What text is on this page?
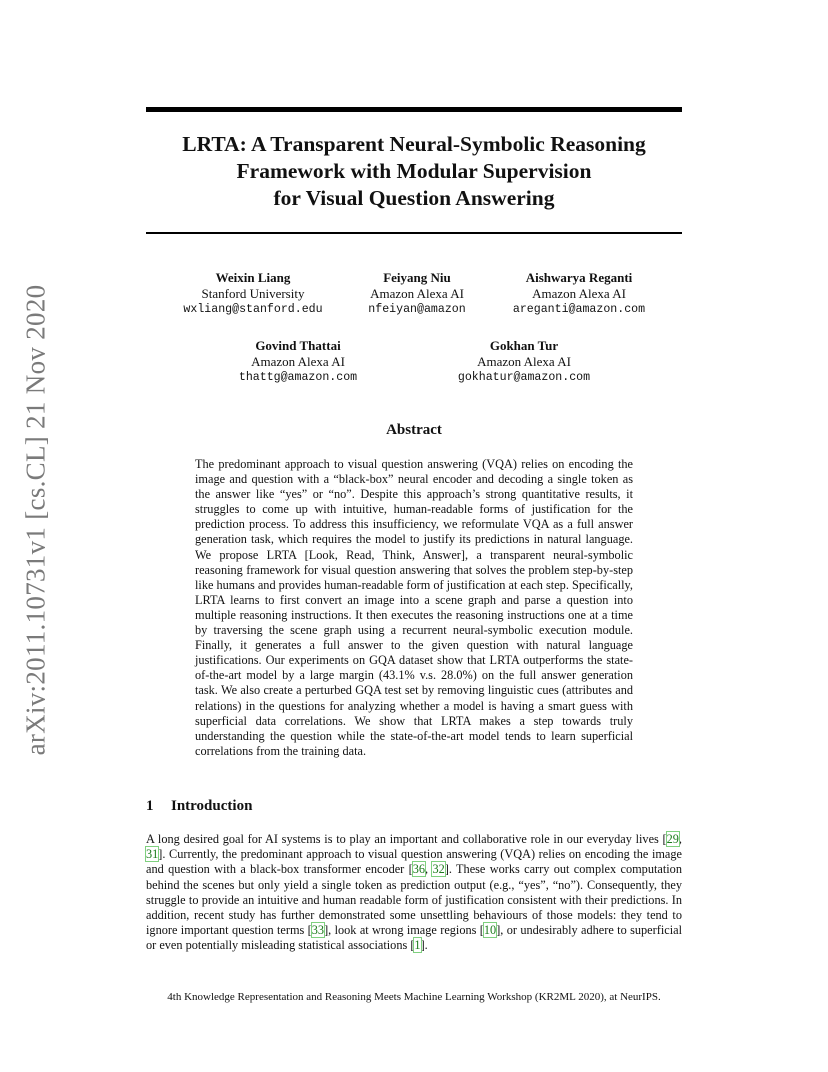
arXiv:2011.10731v1 [cs.CL] 21 Nov 2020
LRTA: A Transparent Neural-Symbolic Reasoning
Framework with Modular Supervision
for Visual Question Answering
Weixin Liang
Stanford University
wxliang@stanford.edu
Feiyang Niu
Amazon Alexa AI
nfeiyan@amazon
Aishwarya Reganti
Amazon Alexa AI
areganti@amazon.com
Govind Thattai
Amazon Alexa AI
thattg@amazon.com
Gokhan Tur
Amazon Alexa AI
gokhatur@amazon.com
Abstract
The predominant approach to visual question answering (VQA) relies on encoding the image and question with a “black-box” neural encoder and decoding a single token as the answer like “yes” or “no”. Despite this approach’s strong quantitative results, it struggles to come up with intuitive, human-readable forms of justification for the prediction process. To address this insufficiency, we reformulate VQA as a full answer generation task, which requires the model to justify its predictions in natural language. We propose LRTA [Look, Read, Think, Answer], a transparent neural-symbolic reasoning framework for visual question answering that solves the problem step-by-step like humans and provides human-readable form of justification at each step. Specifically, LRTA learns to first convert an image into a scene graph and parse a question into multiple reasoning instructions. It then executes the reasoning instructions one at a time by traversing the scene graph using a recurrent neural-symbolic execution module. Finally, it generates a full answer to the given question with natural language justifications. Our experiments on GQA dataset show that LRTA outperforms the state-of-the-art model by a large margin (43.1% v.s. 28.0%) on the full answer generation task. We also create a perturbed GQA test set by removing linguistic cues (attributes and relations) in the questions for analyzing whether a model is having a smart guess with superficial data correlations. We show that LRTA makes a step towards truly understanding the question while the state-of-the-art model tends to learn superficial correlations from the training data.
1 Introduction
A long desired goal for AI systems is to play an important and collaborative role in our everyday lives [29, 31]. Currently, the predominant approach to visual question answering (VQA) relies on encoding the image and question with a black-box transformer encoder [36, 32]. These works carry out complex computation behind the scenes but only yield a single token as prediction output (e.g., “yes”, “no”). Consequently, they struggle to provide an intuitive and human readable form of justification consistent with their predictions. In addition, recent study has further demonstrated some unsettling behaviours of those models: they tend to ignore important question terms [33], look at wrong image regions [10], or undesirably adhere to superficial or even potentially misleading statistical associations [1].
4th Knowledge Representation and Reasoning Meets Machine Learning Workshop (KR2ML 2020), at NeurIPS.
